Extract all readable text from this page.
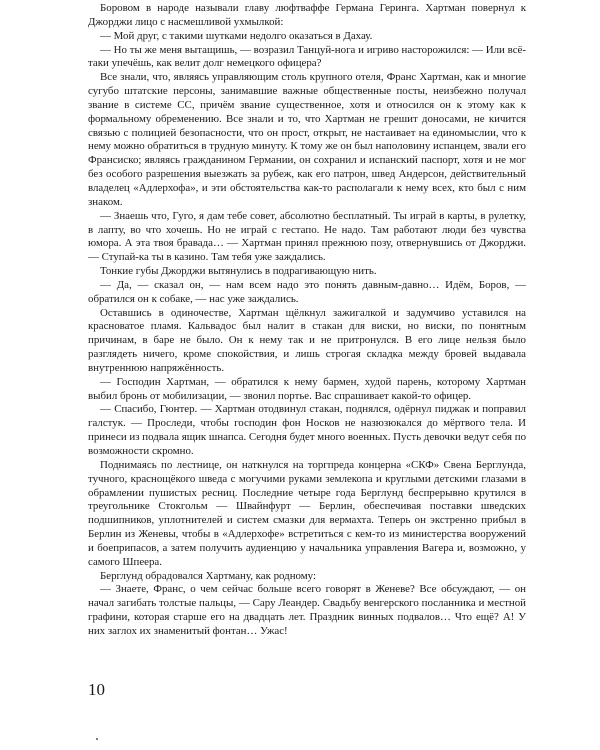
Боровом в народе называли главу люфтваффе Германа Геринга. Хартман повернул к Джорджи лицо с насмешливой ухмылкой:

— Мой друг, с такими шутками недолго оказаться в Дахау.

— Но ты же меня вытащишь, — возразил Танцуй-нога и игриво насторожился: — Или всё-таки упечёшь, как велит долг немецкого офицера?

Все знали, что, являясь управляющим столь крупного отеля, Франс Хартман, как и многие сугубо штатские персоны, занимавшие важные общественные посты, неизбежно получал звание в системе СС, причём звание существенное, хотя и относился он к этому как к формальному обременению. Все знали и то, что Хартман не грешит доносами, не кичится связью с полицией безопасности, что он прост, открыт, не настаивает на единомыслии, что к нему можно обратиться в трудную минуту. К тому же он был наполовину испанцем, звали его Франсиско; являясь гражданином Германии, он сохранил и испанский паспорт, хотя и не мог без особого разрешения выезжать за рубеж, как его патрон, швед Андерсон, действительный владелец «Адлерхофа», и эти обстоятельства как-то располагали к нему всех, кто был с ним знаком.

— Знаешь что, Гуго, я дам тебе совет, абсолютно бесплатный. Ты играй в карты, в рулетку, в лапту, во что хочешь. Но не играй с гестапо. Не надо. Там работают люди без чувства юмора. А эта твоя бравада… — Хартман принял прежнюю позу, отвернувшись от Джорджи. — Ступай-ка ты в казино. Там тебя уже заждались.

Тонкие губы Джорджи вытянулись в подрагивающую нить.

— Да, — сказал он, — нам всем надо это понять давным-давно… Идём, Боров, — обратился он к собаке, — нас уже заждались.

Оставшись в одиночестве, Хартман щёлкнул зажигалкой и задумчиво уставился на красноватое пламя. Кальвадос был налит в стакан для виски, но виски, по понятным причинам, в баре не было. Он к нему так и не притронулся. В его лице нельзя было разглядеть ничего, кроме спокойствия, и лишь строгая складка между бровей выдавала внутреннюю напряжённость.

— Господин Хартман, — обратился к нему бармен, худой парень, которому Хартман выбил бронь от мобилизации, — звонил портье. Вас спрашивает какой-то офицер.

— Спасибо, Гюнтер. — Хартман отодвинул стакан, поднялся, одёрнул пиджак и поправил галстук. — Проследи, чтобы господин фон Носков не назюзюкался до мёртвого тела. И принеси из подвала ящик шнапса. Сегодня будет много военных. Пусть девочки ведут себя по возможности скромно.

Поднимаясь по лестнице, он наткнулся на торгпреда концерна «СКФ» Свена Берглунда, тучного, краснощёкого шведа с могучими руками землекопа и круглыми детскими глазами в обрамлении пушистых ресниц. Последние четыре года Берглунд беспрерывно крутился в треугольнике Стокгольм — Швайнфурт — Берлин, обеспечивая поставки шведских подшипников, уплотнителей и систем смазки для вермахта. Теперь он экстренно прибыл в Берлин из Женевы, чтобы в «Адлерхофе» встретиться с кем-то из министерства вооружений и боеприпасов, а затем получить аудиенцию у начальника управления Вагера и, возможно, у самого Шпеера.

Берглунд обрадовался Хартману, как родному:

— Знаете, Франс, о чем сейчас больше всего говорят в Женеве? Все обсуждают, — он начал загибать толстые пальцы, — Сару Леандер. Свадьбу венгерского посланника и местной графини, которая старше его на двадцать лет. Праздник винных подвалов… Что ещё? А! У них заглох их знаменитый фонтан… Ужас!

10
